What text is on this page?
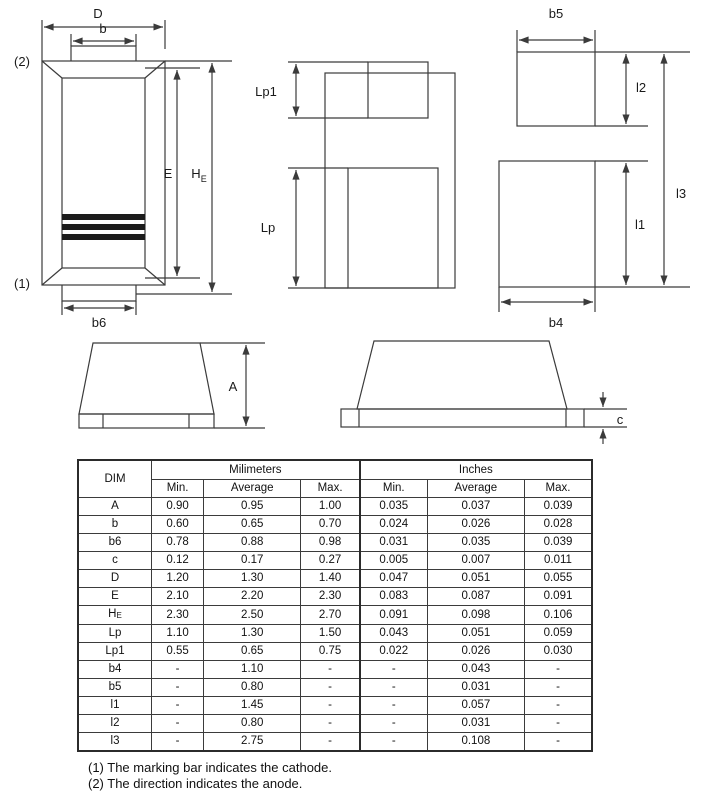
D
b
(2)
E $H_E$
(1)
b6
Lp1
Lp
b5
l2
l3
l1
b4
A
c
DIM	Milimeters			Inches		
	Min.	Average	Max.	Min.	Average	Max.
A	0.90	0.95	1.00	0.035	0.037	0.039
b	0.60	0.65	0.70	0.024	0.026	0.028
b6	0.78	0.88	0.98	0.031	0.035	0.039
c	0.12	0.17	0.27	0.005	0.007	0.011
D	1.20	1.30	1.40	0.047	0.051	0.055
E	2.10	2.20	2.30	0.083	0.087	0.091
$H_E$	2.30	2.50	2.70	0.091	0.098	0.106
Lp	1.10	1.30	1.50	0.043	0.051	0.059
Lp1	0.55	0.65	0.75	0.022	0.026	0.030
b4	-	1.10	-	-	0.043	-
b5	-	0.80	-	-	0.031	-
l1	-	1.45	-	-	0.057	-
l2	-	0.80	-	-	0.031	-
l3	-	2.75	-	-	0.108	-
(1) The marking bar indicates the cathode.
(2) The direction indicates the anode.
